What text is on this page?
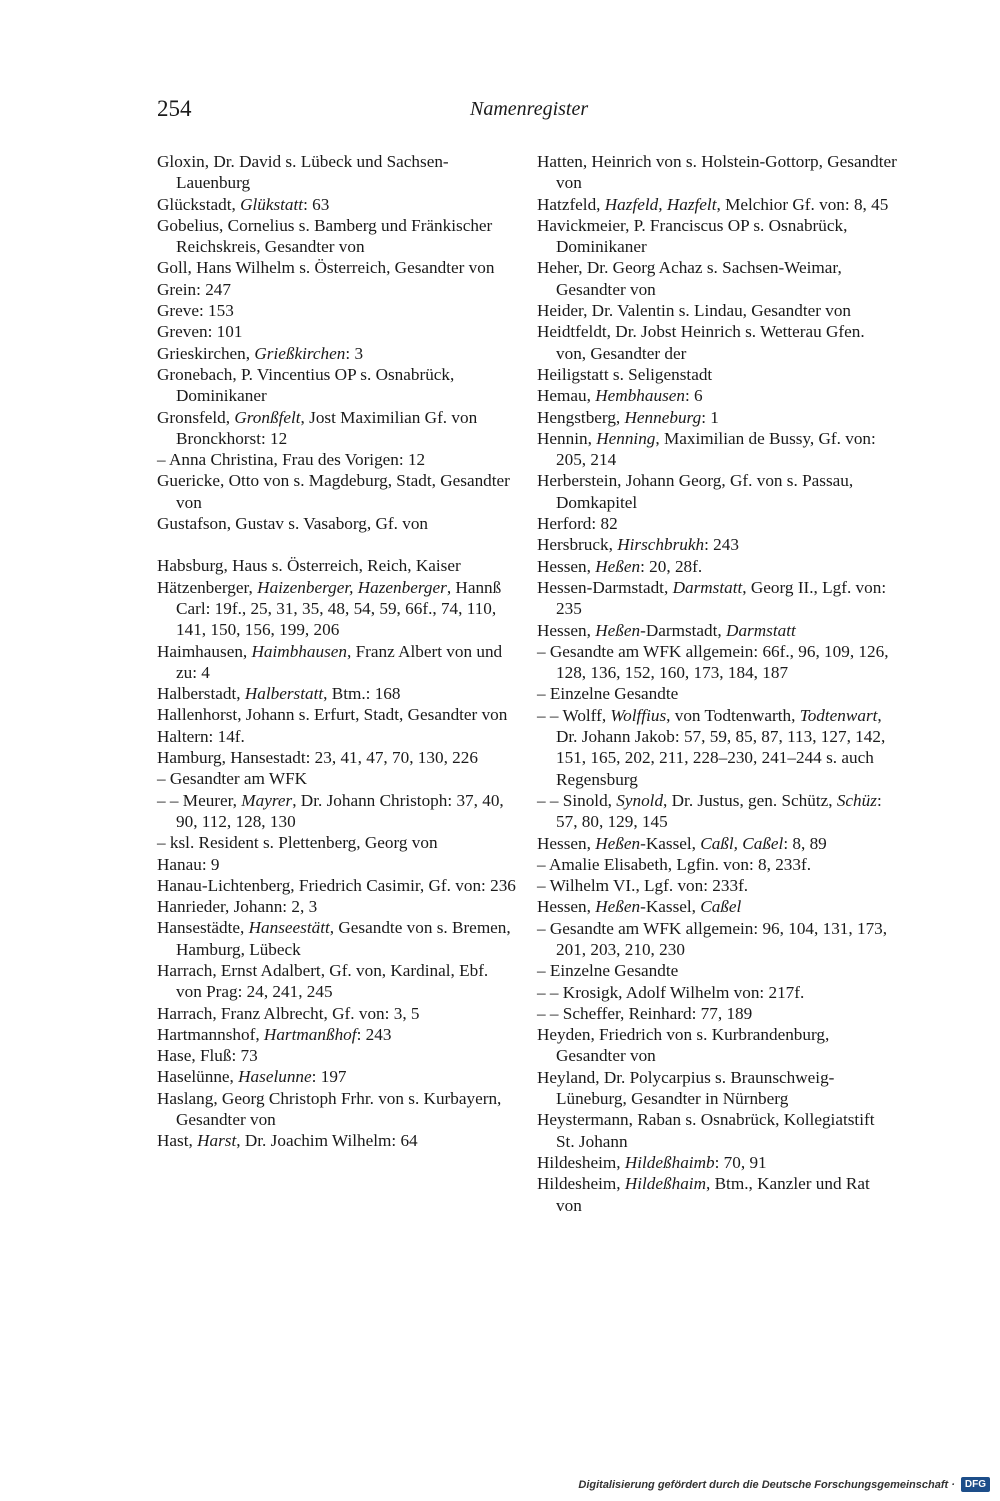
254	Namenregister

Gloxin, Dr. David s. Lübeck und Sachsen-Lauenburg

Glückstadt, Glükstatt: 63

Gobelius, Cornelius s. Bamberg und Fränkischer Reichskreis, Gesandter von

Goll, Hans Wilhelm s. Österreich, Gesandter von

Grein: 247

Greve: 153

Greven: 101

Grieskirchen, Grießkirchen: 3

Gronebach, P. Vincentius OP s. Osnabrück, Dominikaner

Gronsfeld, Gronßfelt, Jost Maximilian Gf. von Bronckhorst: 12

– Anna Christina, Frau des Vorigen: 12

Guericke, Otto von s. Magdeburg, Stadt, Gesandter von

Gustafson, Gustav s. Vasaborg, Gf. von

Habsburg, Haus s. Österreich, Reich, Kaiser

Hätzenberger, Haizenberger, Hazenberger, Hannß Carl: 19f., 25, 31, 35, 48, 54, 59, 66f., 74, 110, 141, 150, 156, 199, 206

Haimhausen, Haimbhausen, Franz Albert von und zu: 4

Halberstadt, Halberstatt, Btm.: 168

Hallenhorst, Johann s. Erfurt, Stadt, Gesandter von

Haltern: 14f.

Hamburg, Hansestadt: 23, 41, 47, 70, 130, 226

– Gesandter am WFK

– – Meurer, Mayrer, Dr. Johann Christoph: 37, 40, 90, 112, 128, 130

– ksl. Resident s. Plettenberg, Georg von

Hanau: 9

Hanau-Lichtenberg, Friedrich Casimir, Gf. von: 236

Hanrieder, Johann: 2, 3

Hansestädte, Hanseestätt, Gesandte von s. Bremen, Hamburg, Lübeck

Harrach, Ernst Adalbert, Gf. von, Kardinal, Ebf. von Prag: 24, 241, 245

Harrach, Franz Albrecht, Gf. von: 3, 5

Hartmannshof, Hartmanßhof: 243

Hase, Fluß: 73

Haselünne, Haselunne: 197

Haslang, Georg Christoph Frhr. von s. Kurbayern, Gesandter von

Hast, Harst, Dr. Joachim Wilhelm: 64

Hatten, Heinrich von s. Holstein-Gottorp, Gesandter von

Hatzfeld, Hazfeld, Hazfelt, Melchior Gf. von: 8, 45

Havickmeier, P. Franciscus OP s. Osnabrück, Dominikaner

Heher, Dr. Georg Achaz s. Sachsen-Weimar, Gesandter von

Heider, Dr. Valentin s. Lindau, Gesandter von

Heidtfeldt, Dr. Jobst Heinrich s. Wetterau Gfen. von, Gesandter der

Heiligstatt s. Seligenstadt

Hemau, Hembhausen: 6

Hengstberg, Henneburg: 1

Hennin, Henning, Maximilian de Bussy, Gf. von: 205, 214

Herberstein, Johann Georg, Gf. von s. Passau, Domkapitel

Herford: 82

Hersbruck, Hirschbrukh: 243

Hessen, Heßen: 20, 28f.

Hessen-Darmstadt, Darmstatt, Georg II., Lgf. von: 235

Hessen, Heßen-Darmstadt, Darmstatt

– Gesandte am WFK allgemein: 66f., 96, 109, 126, 128, 136, 152, 160, 173, 184, 187

– Einzelne Gesandte

– – Wolff, Wolffius, von Todtenwarth, Todtenwart, Dr. Johann Jakob: 57, 59, 85, 87, 113, 127, 142, 151, 165, 202, 211, 228–230, 241–244 s. auch Regensburg

– – Sinold, Synold, Dr. Justus, gen. Schütz, Schüz: 57, 80, 129, 145

Hessen, Heßen-Kassel, Caßl, Caßel: 8, 89

– Amalie Elisabeth, Lgfin. von: 8, 233f.

– Wilhelm VI., Lgf. von: 233f.

Hessen, Heßen-Kassel, Caßel

– Gesandte am WFK allgemein: 96, 104, 131, 173, 201, 203, 210, 230

– Einzelne Gesandte

– – Krosigk, Adolf Wilhelm von: 217f.

– – Scheffer, Reinhard: 77, 189

Heyden, Friedrich von s. Kurbrandenburg, Gesandter von

Heyland, Dr. Polycarpius s. Braunschweig-Lüneburg, Gesandter in Nürnberg

Heystermann, Raban s. Osnabrück, Kollegiatstift St. Johann

Hildesheim, Hildeßhaimb: 70, 91

Hildesheim, Hildeßhaim, Btm., Kanzler und Rat von

Digitalisierung gefördert durch die Deutsche Forschungsgemeinschaft ·	DFG
